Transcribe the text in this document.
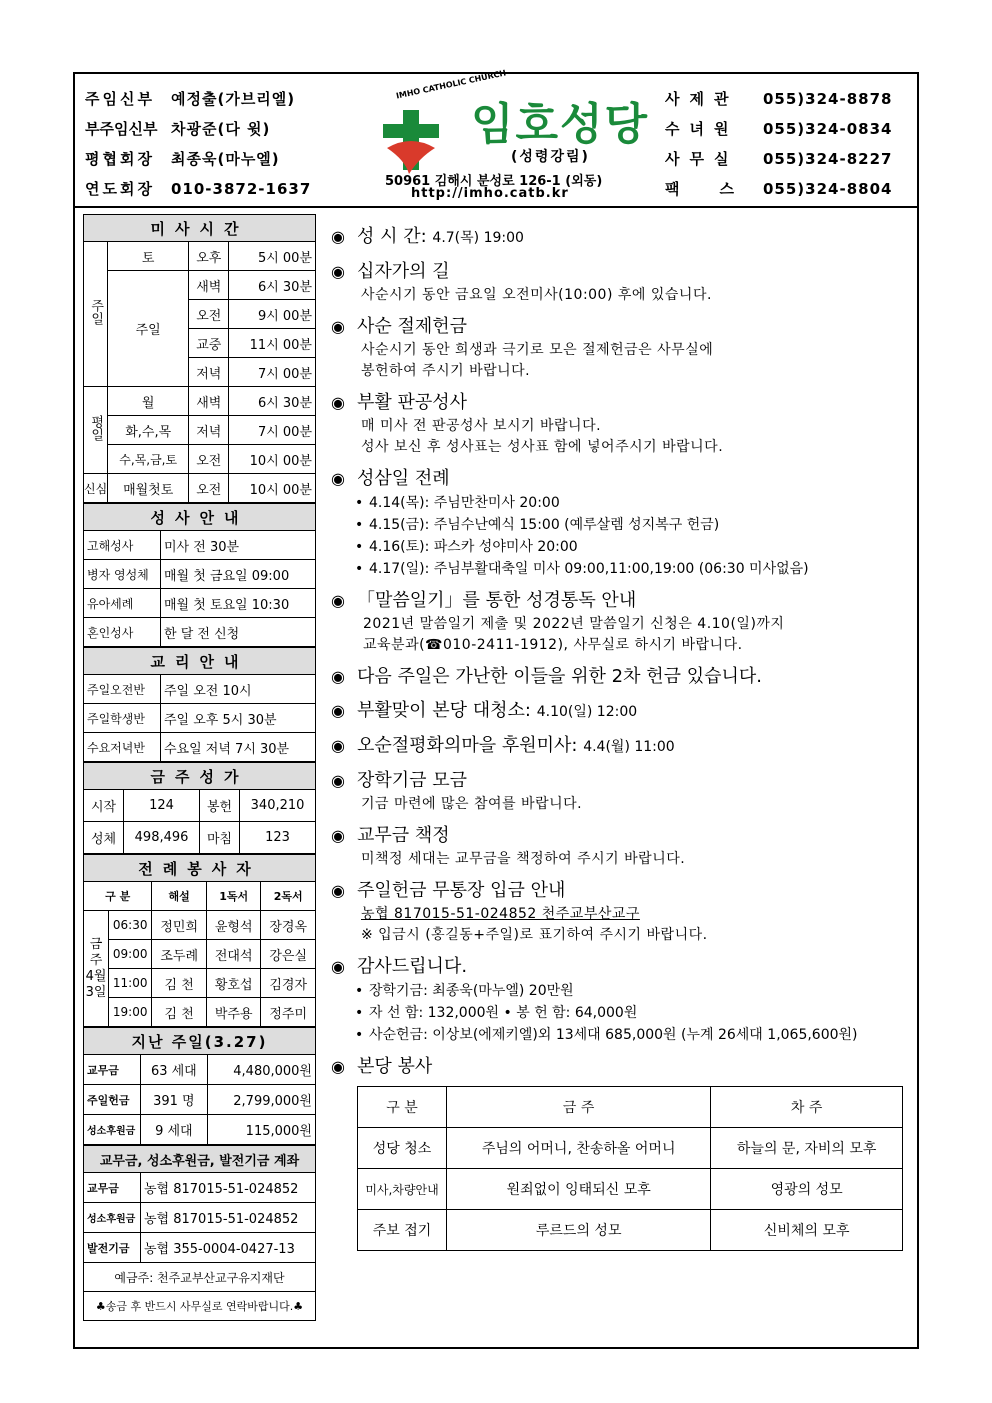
주임신부 예정출(가브리엘)
부주임신부 차광준(다 윗)
평협회장 최종욱(마누엘)
연도회장 010-3872-1637
IMHO CATHOLIC CHURCH
임호성당
(성령강림)
50961 김해시 분성로 126-1 (외동)
http://imho.catb.kr
사제관 055)324-8878
수녀원 055)324-0834
사무실 055)324-8227
팩스055)324-8804
미사시간			
주일	토	오후	5시 00분
	주일	새벽	6시 30분
		오전	9시 00분
		교중	11시 00분
		저녁	7시 00분
평일	월	새벽	6시 30분
	화,수,목	저녁	7시 00분
	수,목,금,토	오전	10시 00분
신심	매월첫토	오전	10시 00분
성사안내	
고해성사	미사 전 30분
병자 영성체	매월 첫 금요일 09:00
유아세례	매월 첫 토요일 10:30
혼인성사	한 달 전 신청
교리안내	
주일오전반	주일 오전 10시
주일학생반	주일 오후 5시 30분
수요저녁반	수요일 저녁 7시 30분
금주성가			
시작	124	봉헌	340,210
성체	498,496	마침	123
전례봉사자				
구 분		해설	1독서	2독서
금주 4월 3일	06:30	정민희	윤형석	장경옥
	09:00	조두례	전대석	강은실
	11:00	김 천	황호섭	김경자
	19:00	김 천	박주용	정주미
지난 주일(3.27)		
교무금	63 세대	4,480,000원
주일헌금	391 명	2,799,000원
성소후원금	9 세대	115,000원
교무금, 성소후원금, 발전기금 계좌	
교무금	농협 817015-51-024852
성소후원금	농협 817015-51-024852
발전기금	농협 355-0004-0427-13
예금주: 천주교부산교구유지재단	
♣송금 후 반드시 사무실로 연락바랍니다.♣	
◉ 성 시 간: 4.7(목) 19:00
◉ 십자가의 길
사순시기 동안 금요일 오전미사(10:00) 후에 있습니다.
◉ 사순 절제헌금
사순시기 동안 희생과 극기로 모은 절제헌금은 사무실에
봉헌하여 주시기 바랍니다.
◉ 부활 판공성사
매 미사 전 판공성사 보시기 바랍니다.
성사 보신 후 성사표는 성사표 함에 넣어주시기 바랍니다.
◉ 성삼일 전례
• 4.14(목): 주님만찬미사 20:00
• 4.15(금): 주님수난예식 15:00 (예루살렘 성지복구 헌금)
• 4.16(토): 파스카 성야미사 20:00
• 4.17(일): 주님부활대축일 미사 09:00,11:00,19:00 (06:30 미사없음)
◉ 「말씀일기」를 통한 성경통독 안내
2021년 말씀일기 제출 및 2022년 말씀일기 신청은 4.10(일)까지
교육분과(☎010-2411-1912), 사무실로 하시기 바랍니다.
◉ 다음 주일은 가난한 이들을 위한 2차 헌금 있습니다.
◉ 부활맞이 본당 대청소: 4.10(일) 12:00
◉ 오순절평화의마을 후원미사: 4.4(월) 11:00
◉ 장학기금 모금
기금 마련에 많은 참여를 바랍니다.
◉ 교무금 책정
미책정 세대는 교무금을 책정하여 주시기 바랍니다.
◉ 주일헌금 무통장 입금 안내
농협 817015-51-024852 천주교부산교구
※ 입금시 (홍길동+주일)로 표기하여 주시기 바랍니다.
◉ 감사드립니다.
• 장학기금: 최종욱(마누엘) 20만원
• 자 선 함: 132,000원 • 봉 헌 함: 64,000원
• 사순헌금: 이상보(에제키엘)외 13세대 685,000원 (누계 26세대 1,065,600원)
◉ 본당 봉사
구 분	금 주	차 주
성당 청소	주님의 어머니, 찬송하올 어머니	하늘의 문, 자비의 모후
미사,차량안내	원죄없이 잉태되신 모후	영광의 성모
주보 접기	루르드의 성모	신비체의 모후
